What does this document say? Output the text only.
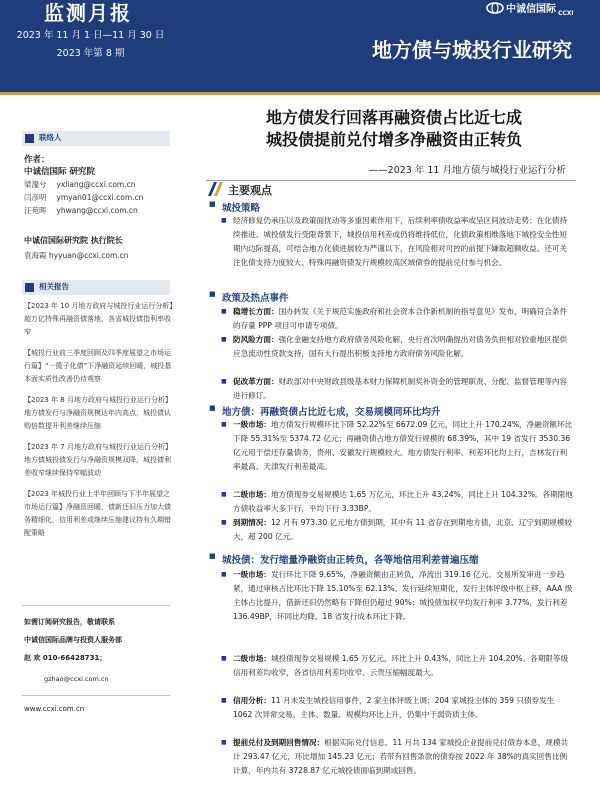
监测月报
2023 年 11 月 1 日—11 月 30 日
2023 年第 8 期
中诚信国际 CCXI
地方债与城投行业研究
联络人
作者：
中诚信国际 研究院
梁瀣兮 yxliang@ccxi.com.cn
闫彦明 ymyan01@ccxi.com.cn
汪苑晖 yhwang@ccxi.com.cn
中诚信国际研究院 执行院长
袁海霞 hyyuan@ccxi.com.cn
相关报告
【2023 年 10 月地方政府与城投行业运行分析】超万亿特殊再融资债落地，各省城投债指利率收窄
【城投行业前三季度回顾及四季度展望之市场运行篇】“一揽子化债”下净融资延续回暖，城投基本面实质性改善仍待观察
【2023 年 8 月地方政府与城投行业运行分析】地方债发行与净融资规模达年内高点，城投债认购倍数提升利差继续压缩
【2023 年 7 月地方政府与城投行业运行分析】地方债城投债发行与净融资规模双降，城投债利差收窄继续保持窄幅波动
【2023 年城投行业上半年回顾与下半年展望之市场运行篇】净融资回暖，债新还旧压力加大债务精细化，信用利差或继续压缩建议持有久期错配策略
如需订阅研究报告，敬请联系
中诚信国际品牌与投资人服务部
赵 欢 010-66428731；
gzhao@ccxi.com.cn
www.ccxi.com.cn
地方债发行回落再融资债占比近七成
城投债提前兑付增多净融资由正转负
——2023 年 11 月地方债与城投行业运行分析
主要观点
■ 城投策略
■ 经济修复仍承压以及政策面扰动等多重因素作用下，后续利率债收益率或呈区间波动走势；在化债持续推进、城投债发行受限背景下，城投信用利差或仍将维持低位，化债政策相维落地下城投安全性短期内边际提高，可结合地方化债进展较为严谨以下，在风险相对可控的前提下嫌取超额收益。还可关注化债支持力度较大、特殊再融资债发行规模较高区域债券的提前兑付参与机会。
■ 政策及热点事件
■ 稳增长方面：国办转发《关于规范实施政府和社会资本合作新机制的指导意见》发布，明确符合条件的存量 PPP 项目可申请专项债。
■ 防风险方面：强化金融支持地方政府债务风险化解，央行首次明确提出对债务负担相对较重地区提供应急流动性贷款支持，国有大行提出积极支持地方政府债务风险化解。
■ 促改革方面：财政部对中央财政县级基本财力保障机制奖补资金的管理职责、分配、监督管理等内容进行修订。
■ 地方债：再融资债占比近七成，交易规模同环比均升
■ 一级市场：地方债发行规模环比下降 52.22%至 6672.09 亿元，同比上升 170.24%，净融资额环比下降 55.31%至 5374.72 亿元；再融资债占地方债发行规模的 68.39%，其中 19 省发行 3530.36 亿元用于偿还存量债务，贵州、安徽发行规模较大。地方债发行利率、利差环比均上行，吉林发行利率最高、天津发行利差最高。
■ 二级市场：地方债现券交易规模达 1.65 万亿元，环比上升 43.24%，同比上升 104.32%。各期限地方债收益率大多下行，平均下行 3.33BP。
■ 到期情况：12 月有 973.30 亿元地方债到期，其中有 11 省存在到期地方债，北京、辽宁到期规模较大，超 200 亿元。
■ 城投债：发行缩量净融资由正转负，各等地信用利差普遍压缩
■ 一级市场：发行环比下降 9.65%，净融资额由正转负，净流出 319.16 亿元。交易所发审进一步趋紧，通过审核占比环比下降 15.10%至 62.13%。发行延续短期化，发行主体评级中枢上移，AAA 级主体占比提升，借新还旧仍然略有下降但仍超过 90%；城投债加权平均发行利率 3.77%，发行利差 136.49BP，环同比均降，18 省发行成本环比下降。
■ 二级市场：城投债现券交易规模 1.65 万亿元，环比上升 0.43%，同比上升 104.20%。各期限等级信用利差均收窄，各省信用利差均收窄、云贵压缩幅度最大。
■ 信用分析：11 月未发生城投信用事件，2 家主体评级上调；204 家城投主体的 359 只债券发生 1062 次异常交易，主体、数量、规模均环比上升，仍集中于弱资质主体。
■ 提前兑付及到期回售情况：根据实际兑付信息，11 月共 134 家城投企业提前兑付债券本息，规模共计 293.47 亿元，环比增加 145.23 亿元；若带有回售条款的债券按 2022 年 38%的真实回售比例计算，年内共有 3728.87 亿元城投债面临到期或回售。
